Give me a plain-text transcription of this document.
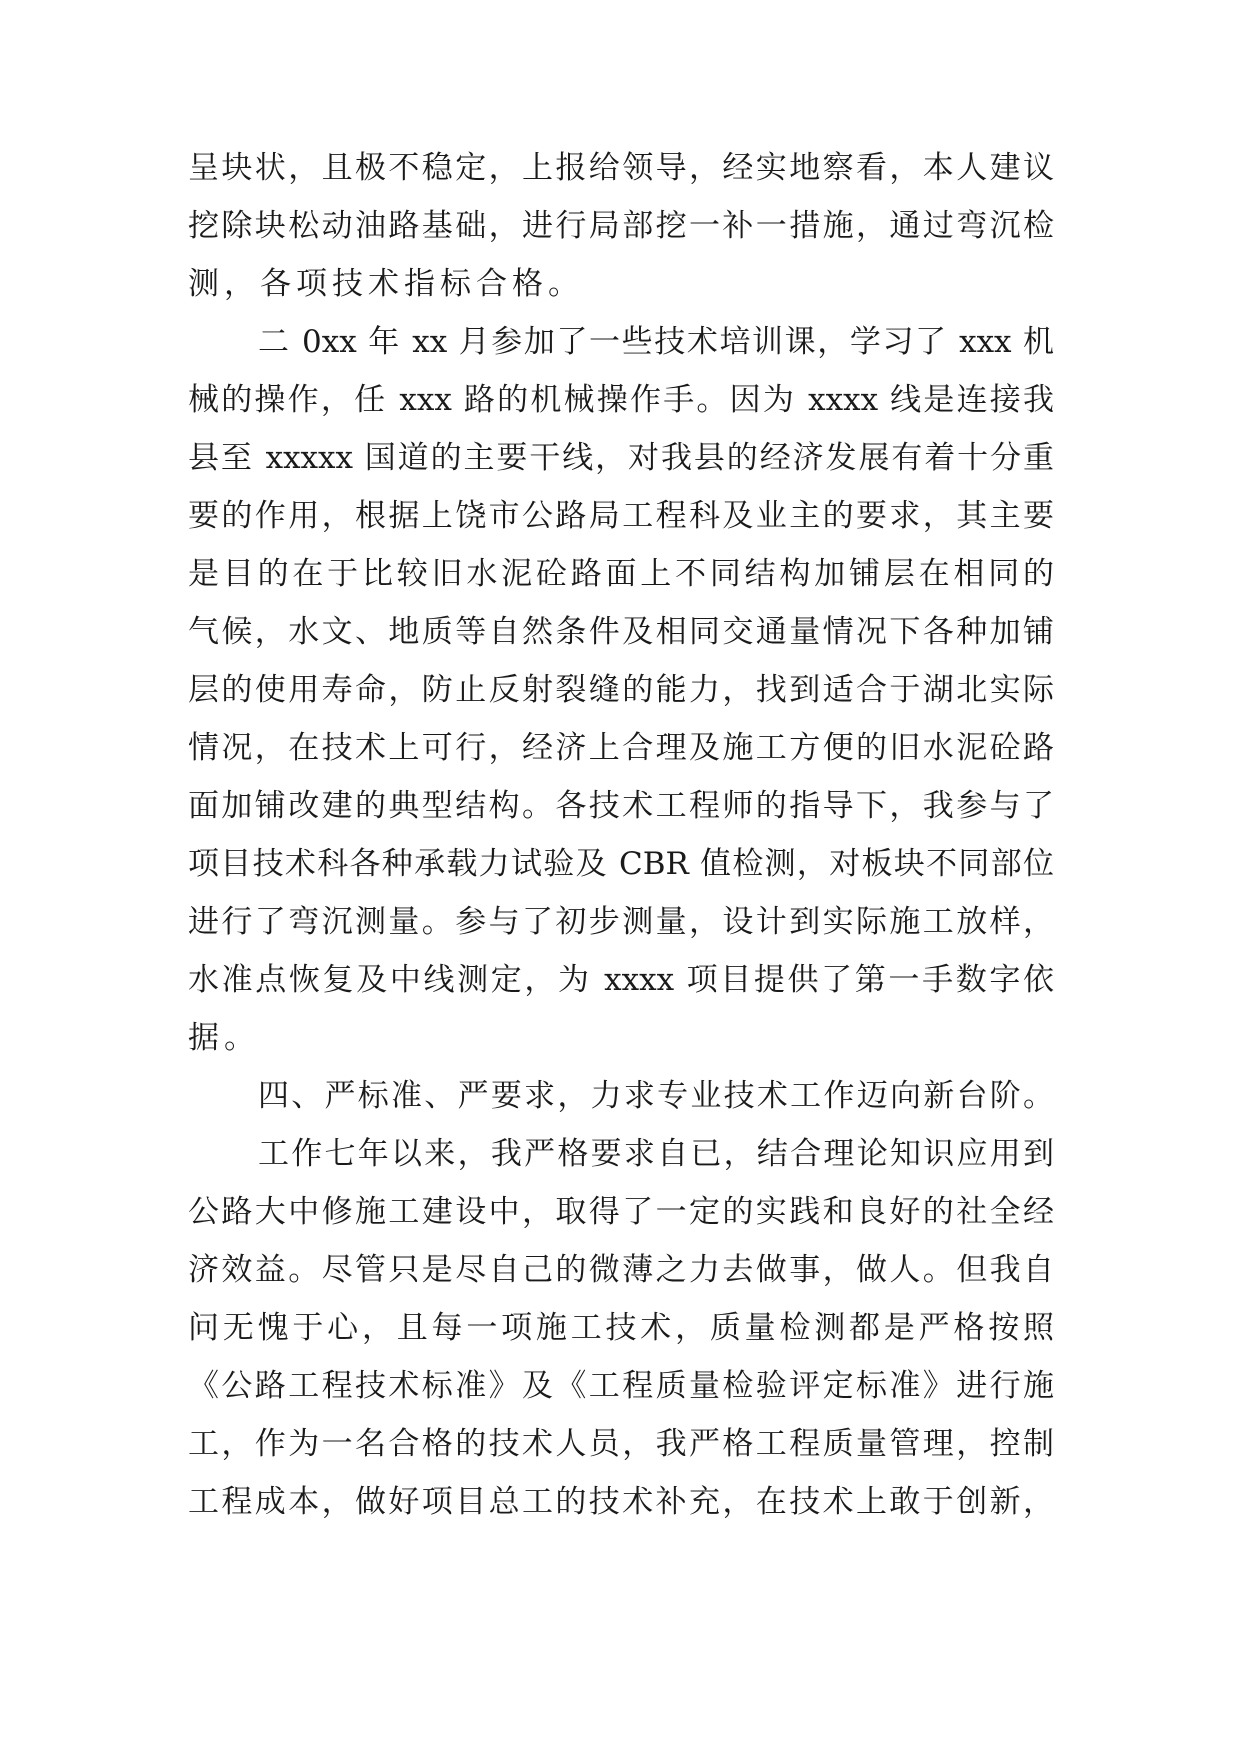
呈块状，且极不稳定，上报给领导，经实地察看，本人建议
挖除块松动油路基础，进行局部挖一补一措施，通过弯沉检
测，各项技术指标合格。
二 0xx 年 xx 月参加了一些技术培训课，学习了 xxx 机
械的操作，任 xxx 路的机械操作手。因为 xxxx 线是连接我
县至 xxxxx 国道的主要干线，对我县的经济发展有着十分重
要的作用，根据上饶市公路局工程科及业主的要求，其主要
是目的在于比较旧水泥砼路面上不同结构加铺层在相同的
气候，水文、地质等自然条件及相同交通量情况下各种加铺
层的使用寿命，防止反射裂缝的能力，找到适合于湖北实际
情况，在技术上可行，经济上合理及施工方便的旧水泥砼路
面加铺改建的典型结构。各技术工程师的指导下，我参与了
项目技术科各种承载力试验及 CBR 值检测，对板块不同部位
进行了弯沉测量。参与了初步测量，设计到实际施工放样，
水准点恢复及中线测定，为 xxxx 项目提供了第一手数字依
据。
四、严标准、严要求，力求专业技术工作迈向新台阶。
工作七年以来，我严格要求自已，结合理论知识应用到
公路大中修施工建设中，取得了一定的实践和良好的社全经
济效益。尽管只是尽自己的微薄之力去做事，做人。但我自
问无愧于心，且每一项施工技术，质量检测都是严格按照
《公路工程技术标准》及《工程质量检验评定标准》进行施
工，作为一名合格的技术人员，我严格工程质量管理，控制
工程成本，做好项目总工的技术补充，在技术上敢于创新，
